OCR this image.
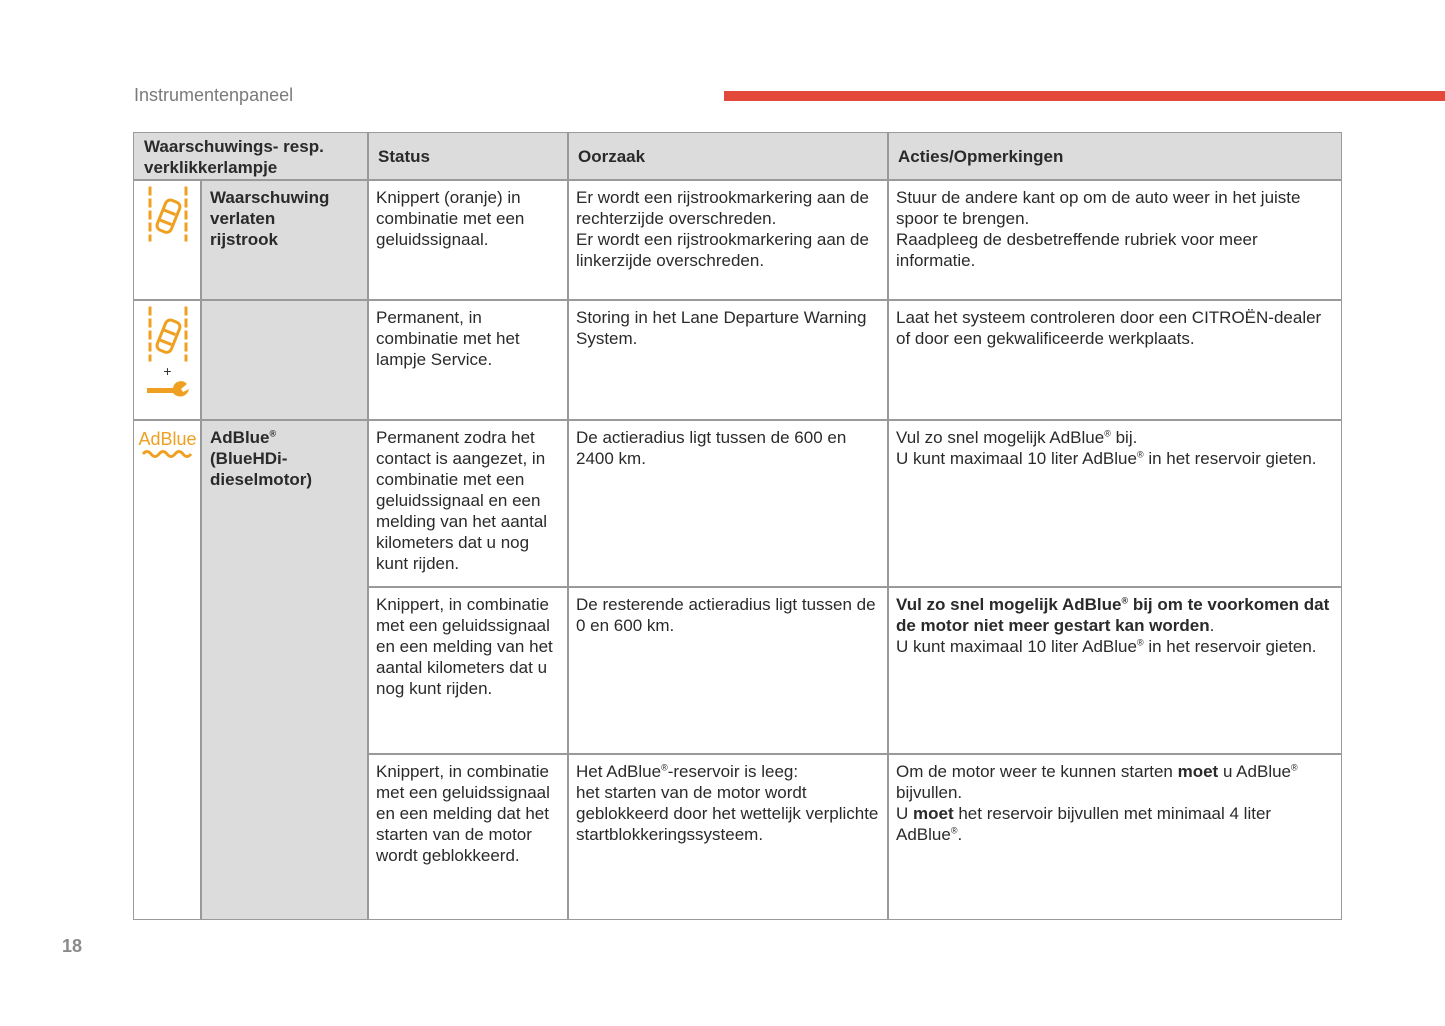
Instrumentenpaneel
Waarschuwings- resp. verklikkerlampje
Status	Oorzaak	Acties/Opmerkingen
Waarschuwing
verlaten
rijstrook
Knippert (oranje) in combinatie met een geluidssignaal.
Er wordt een rijstrookmarkering aan de rechterzijde overschreden.
Er wordt een rijstrookmarkering aan de linkerzijde overschreden.
Stuur de andere kant op om de auto weer in het juiste spoor te brengen.
Raadpleeg de desbetreffende rubriek voor meer informatie.
+
Permanent, in combinatie met het lampje Service.
Storing in het Lane Departure Warning System.
Laat het systeem controleren door een CITROËN-dealer of door een gekwalificeerde werkplaats.
AdBlue AdBlue®
(BlueHDi-
dieselmotor)
Permanent zodra het contact is aangezet, in combinatie met een geluidssignaal en een melding van het aantal kilometers dat u nog kunt rijden.
De actieradius ligt tussen de 600 en 2400 km.
Vul zo snel mogelijk AdBlue® bij.
U kunt maximaal 10 liter AdBlue® in het reservoir gieten.
Knippert, in combinatie met een geluidssignaal en een melding van het aantal kilometers dat u nog kunt rijden.
De resterende actieradius ligt tussen de 0 en 600 km.
Vul zo snel mogelijk AdBlue® bij om te voorkomen dat de motor niet meer gestart kan worden.
U kunt maximaal 10 liter AdBlue® in het reservoir gieten.
Knippert, in combinatie met een geluidssignaal en een melding dat het starten van de motor wordt geblokkeerd.
Het AdBlue®-reservoir is leeg:
het starten van de motor wordt geblokkeerd door het wettelijk verplichte startblokkeringssysteem.
Om de motor weer te kunnen starten moet u AdBlue®
bijvullen.
U moet het reservoir bijvullen met minimaal 4 liter AdBlue®.
18
